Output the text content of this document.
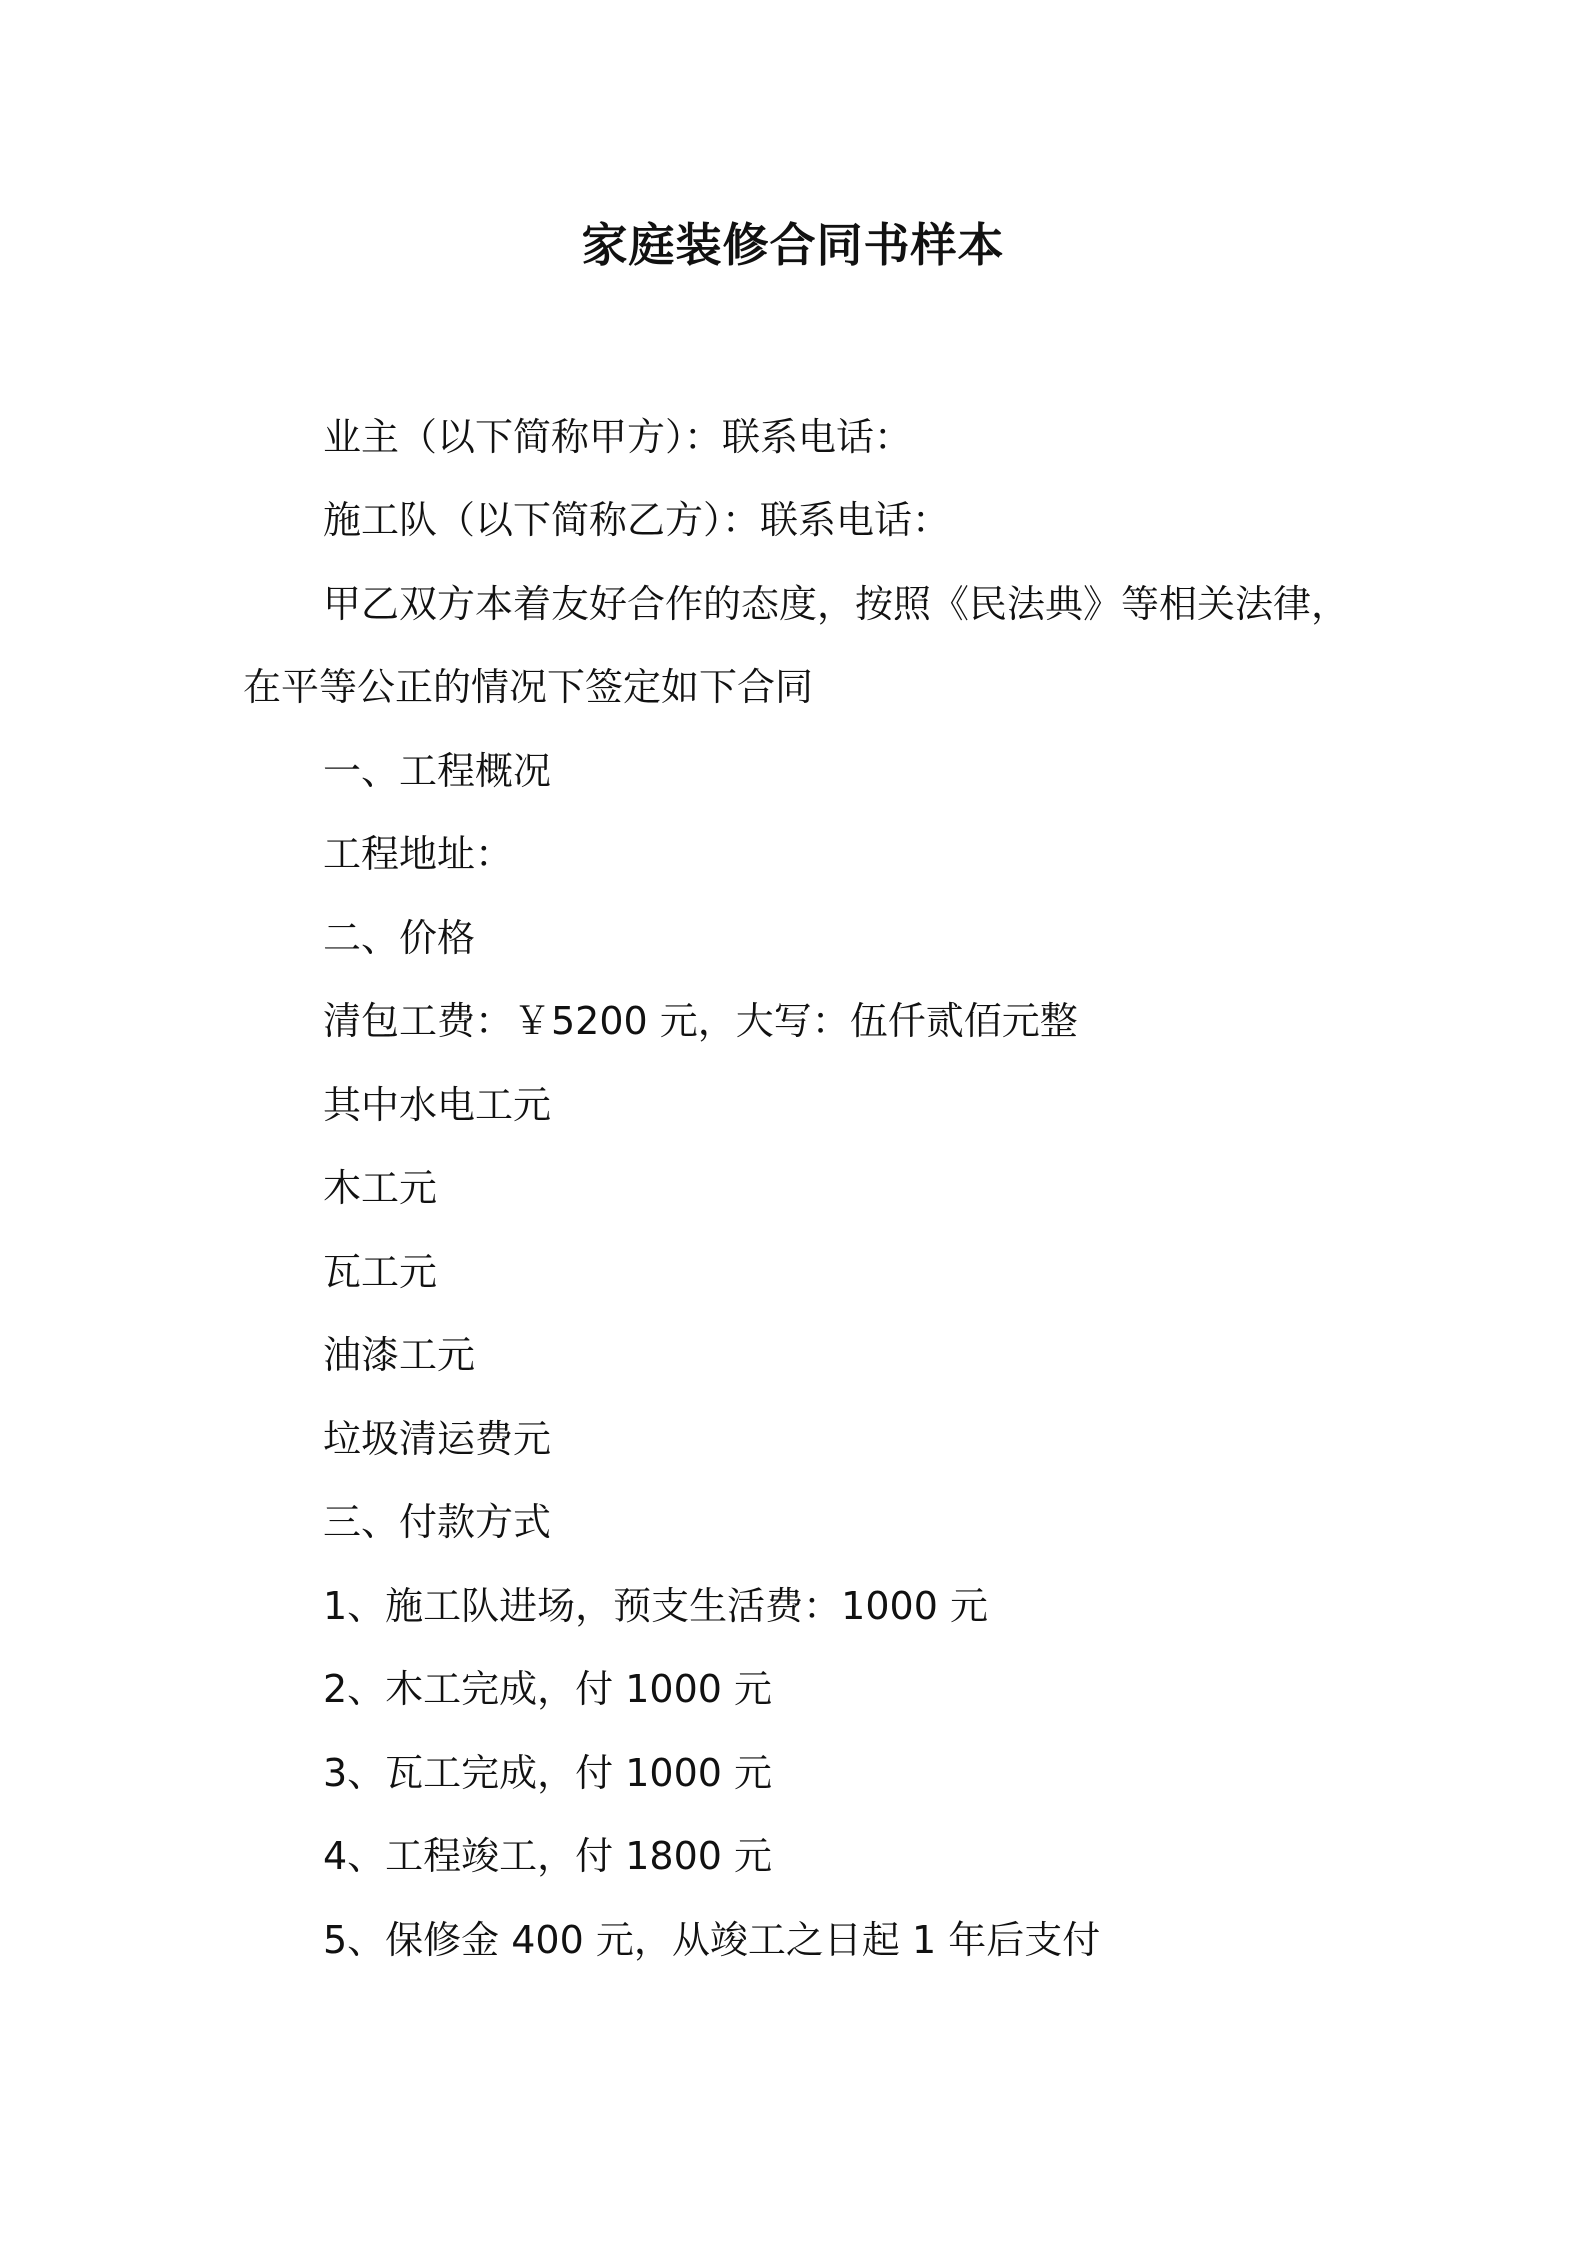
家庭装修合同书样本
业主（以下简称甲方）：联系电话：
施工队（以下简称乙方）：联系电话：
甲乙双方本着友好合作的态度，按照《民法典》等相关法律，
在平等公正的情况下签定如下合同
一、工程概况
工程地址：
二、价格
清包工费：￥5200 元，大写：伍仟贰佰元整
其中水电工元
木工元
瓦工元
油漆工元
垃圾清运费元
三、付款方式
1、施工队进场，预支生活费：1000 元
2、木工完成，付 1000 元
3、瓦工完成，付 1000 元
4、工程竣工，付 1800 元
5、保修金 400 元，从竣工之日起 1 年后支付
